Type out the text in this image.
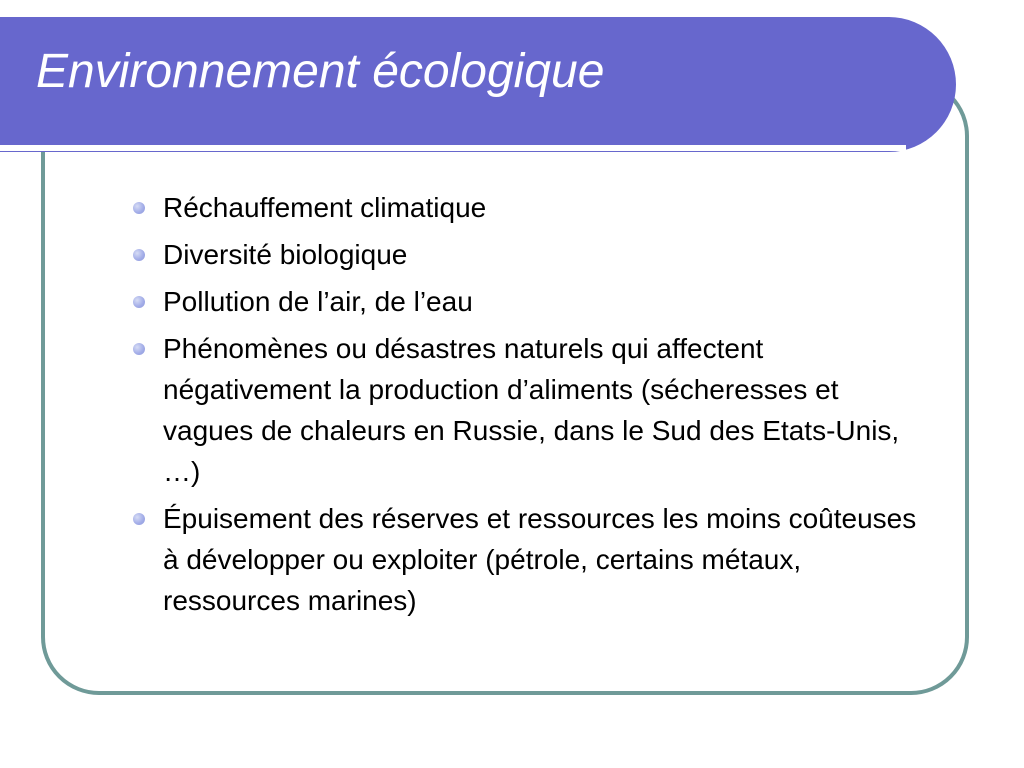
Environnement écologique
Réchauffement climatique
Diversité biologique
Pollution de l’air, de l’eau
Phénomènes ou désastres naturels qui affectent négativement la production d’aliments (sécheresses et vagues de chaleurs en Russie, dans le Sud des Etats-Unis, …)
Épuisement des réserves et ressources les moins coûteuses à développer ou exploiter (pétrole, certains métaux, ressources marines)
